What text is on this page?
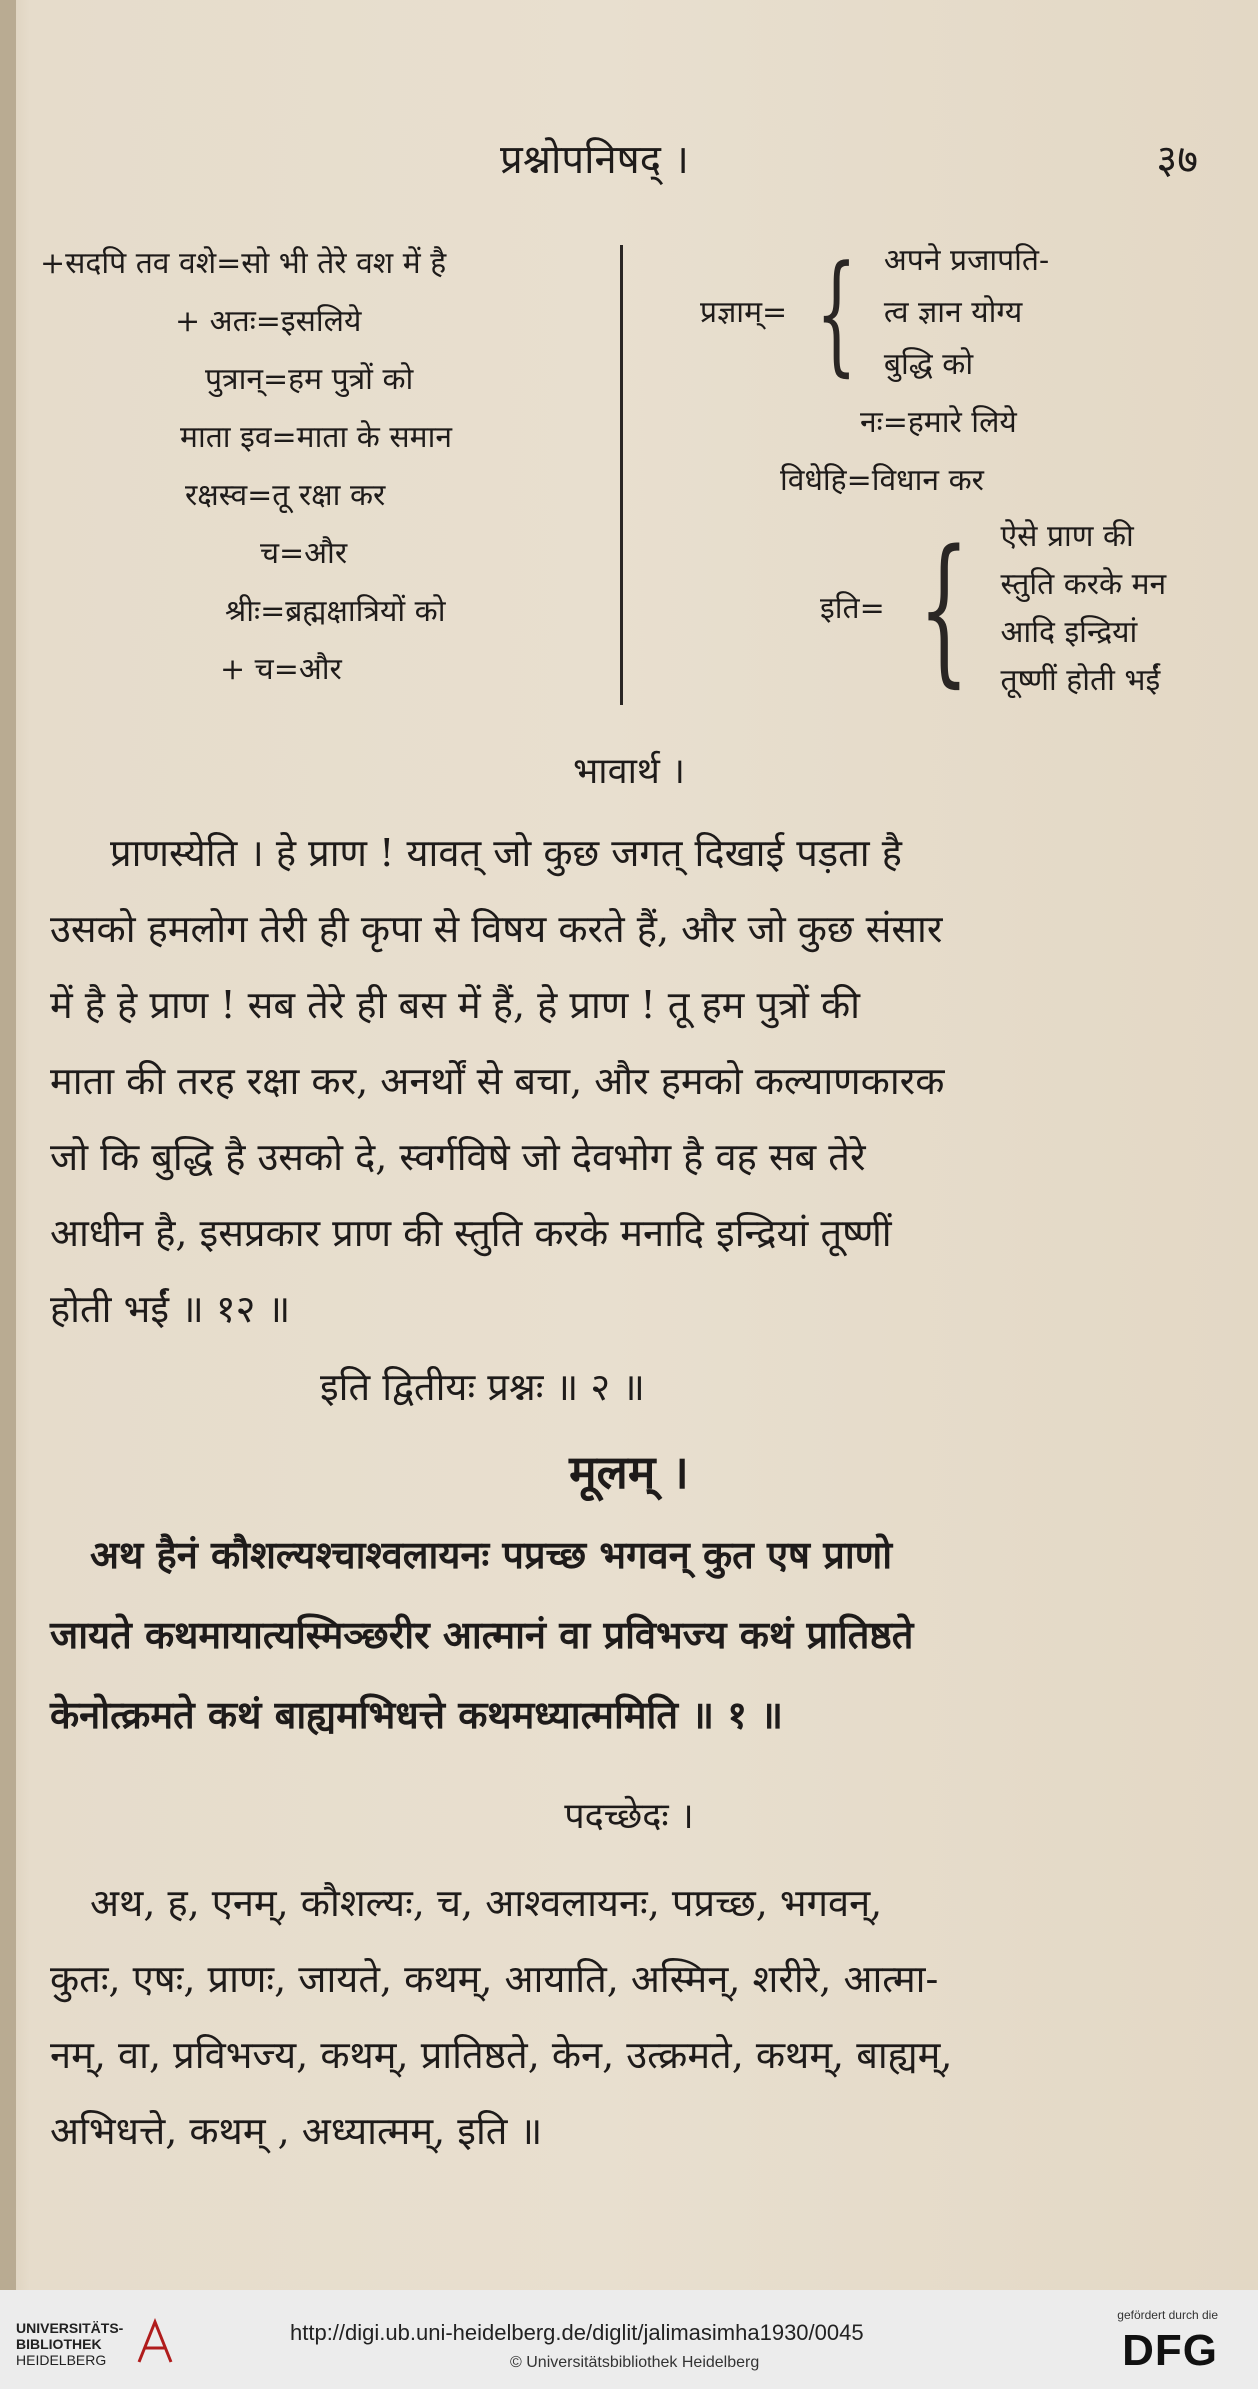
प्रश्नोपनिषद् ।	३७
+सदपि तव वशे=सो भी तेरे वश में है
+ अतः=इसलिये
पुत्रान्=हम पुत्रों को
माता इव=माता के समान
रक्षस्व=तू रक्षा कर
च=और
श्रीः=ब्रह्मक्षात्रियों को
+ च=और
प्रज्ञाम्= { अपने प्रजापति-
त्व ज्ञान योग्य
बुद्धि को
नः=हमारे लिये
विधेहि=विधान कर
इति= { ऐसे प्राण की
स्तुति करके मन
आदि इन्द्रियां
तूष्णीं होती भईं
भावार्थ ।
प्राणस्येति । हे प्राण ! यावत् जो कुछ जगत् दिखाई पड़ता है
उसको हमलोग तेरी ही कृपा से विषय करते हैं, और जो कुछ संसार
में है हे प्राण ! सब तेरे ही बस में हैं, हे प्राण ! तू हम पुत्रों की
माता की तरह रक्षा कर, अनर्थों से बचा, और हमको कल्याणकारक
जो कि बुद्धि है उसको दे, स्वर्गविषे जो देवभोग है वह सब तेरे
आधीन है, इसप्रकार प्राण की स्तुति करके मनादि इन्द्रियां तूष्णीं
होती भईं ॥ १२ ॥
इति द्वितीयः प्रश्नः ॥ २ ॥
मूलम् ।
अथ हैनं कौशल्यश्चाश्वलायनः पप्रच्छ भगवन् कुत एष प्राणो
जायते कथमायात्यस्मिञ्छरीर आत्मानं वा प्रविभज्य कथं प्रातिष्ठते
केनोत्क्रमते कथं बाह्यमभिधत्ते कथमध्यात्ममिति ॥ १ ॥
पदच्छेदः ।
अथ, ह, एनम्, कौशल्यः, च, आश्वलायनः, पप्रच्छ, भगवन्,
कुतः, एषः, प्राणः, जायते, कथम्, आयाति, अस्मिन्, शरीरे, आत्मा-
नम्, वा, प्रविभज्य, कथम्, प्रातिष्ठते, केन, उत्क्रमते, कथम्, बाह्यम्,
अभिधत्ते, कथम् , अध्यात्मम्, इति ॥
UNIVERSITÄTS-
BIBLIOTHEK
HEIDELBERG
http://digi.ub.uni-heidelberg.de/diglit/jalimasimha1930/0045
© Universitätsbibliothek Heidelberg
gefördert durch die
DFG
